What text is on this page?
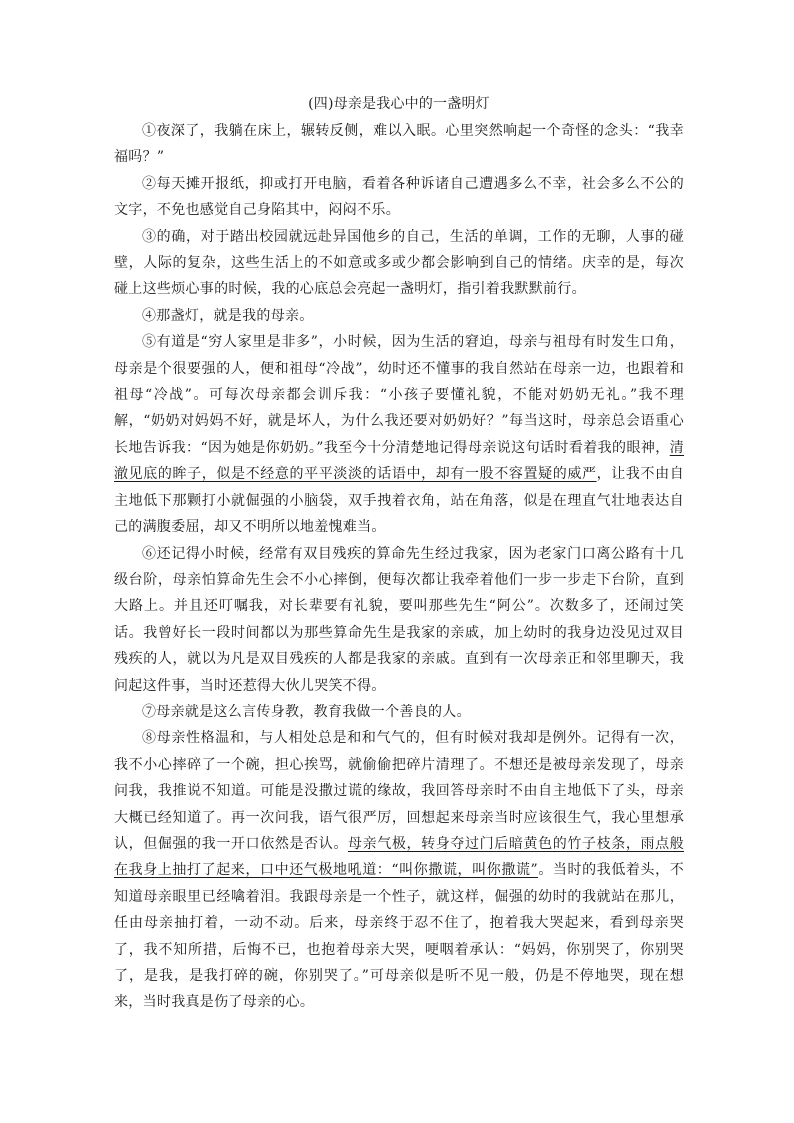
(四)母亲是我心中的一盏明灯

①夜深了，我躺在床上，辗转反侧，难以入眠。心里突然响起一个奇怪的念头：“我幸福吗？”

②每天摊开报纸，抑或打开电脑，看着各种诉诸自己遭遇多么不幸，社会多么不公的文字，不免也感觉自己身陷其中，闷闷不乐。

③的确，对于踏出校园就远赴异国他乡的自己，生活的单调，工作的无聊，人事的碰壁，人际的复杂，这些生活上的不如意或多或少都会影响到自己的情绪。庆幸的是，每次碰上这些烦心事的时候，我的心底总会亮起一盏明灯，指引着我默默前行。

④那盏灯，就是我的母亲。

⑤有道是“穷人家里是非多”，小时候，因为生活的窘迫，母亲与祖母有时发生口角，母亲是个很要强的人，便和祖母“冷战”，幼时还不懂事的我自然站在母亲一边，也跟着和祖母“冷战”。可每次母亲都会训斥我：“小孩子要懂礼貌，不能对奶奶无礼。”我不理解，“奶奶对妈妈不好，就是坏人，为什么我还要对奶奶好？”每当这时，母亲总会语重心长地告诉我：“因为她是你奶奶。”我至今十分清楚地记得母亲说这句话时看着我的眼神，清澈见底的眸子，似是不经意的平平淡淡的话语中，却有一股不容置疑的威严，让我不由自主地低下那颗打小就倔强的小脑袋，双手拽着衣角，站在角落，似是在理直气壮地表达自己的满腹委屈，却又不明所以地羞愧难当。

⑥还记得小时候，经常有双目残疾的算命先生经过我家，因为老家门口离公路有十几级台阶，母亲怕算命先生会不小心摔倒，便每次都让我牵着他们一步一步走下台阶，直到大路上。并且还叮嘱我，对长辈要有礼貌，要叫那些先生“阿公”。次数多了，还闹过笑话。我曾好长一段时间都以为那些算命先生是我家的亲戚，加上幼时的我身边没见过双目残疾的人，就以为凡是双目残疾的人都是我家的亲戚。直到有一次母亲正和邻里聊天，我问起这件事，当时还惹得大伙儿哭笑不得。

⑦母亲就是这么言传身教，教育我做一个善良的人。

⑧母亲性格温和，与人相处总是和和气气的，但有时候对我却是例外。记得有一次，我不小心摔碎了一个碗，担心挨骂，就偷偷把碎片清理了。不想还是被母亲发现了，母亲问我，我推说不知道。可能是没撒过谎的缘故，我回答母亲时不由自主地低下了头，母亲大概已经知道了。再一次问我，语气很严厉，回想起来母亲当时应该很生气，我心里想承认，但倔强的我一开口依然是否认。母亲气极，转身夺过门后暗黄色的竹子枝条，雨点般在我身上抽打了起来，口中还气极地吼道：“叫你撒谎，叫你撒谎”。当时的我低着头，不知道母亲眼里已经噙着泪。我跟母亲是一个性子，就这样，倔强的幼时的我就站在那儿，任由母亲抽打着，一动不动。后来，母亲终于忍不住了，抱着我大哭起来，看到母亲哭了，我不知所措，后悔不已，也抱着母亲大哭，哽咽着承认：“妈妈，你别哭了，你别哭了，是我，是我打碎的碗，你别哭了。”可母亲似是听不见一般，仍是不停地哭，现在想来，当时我真是伤了母亲的心。
